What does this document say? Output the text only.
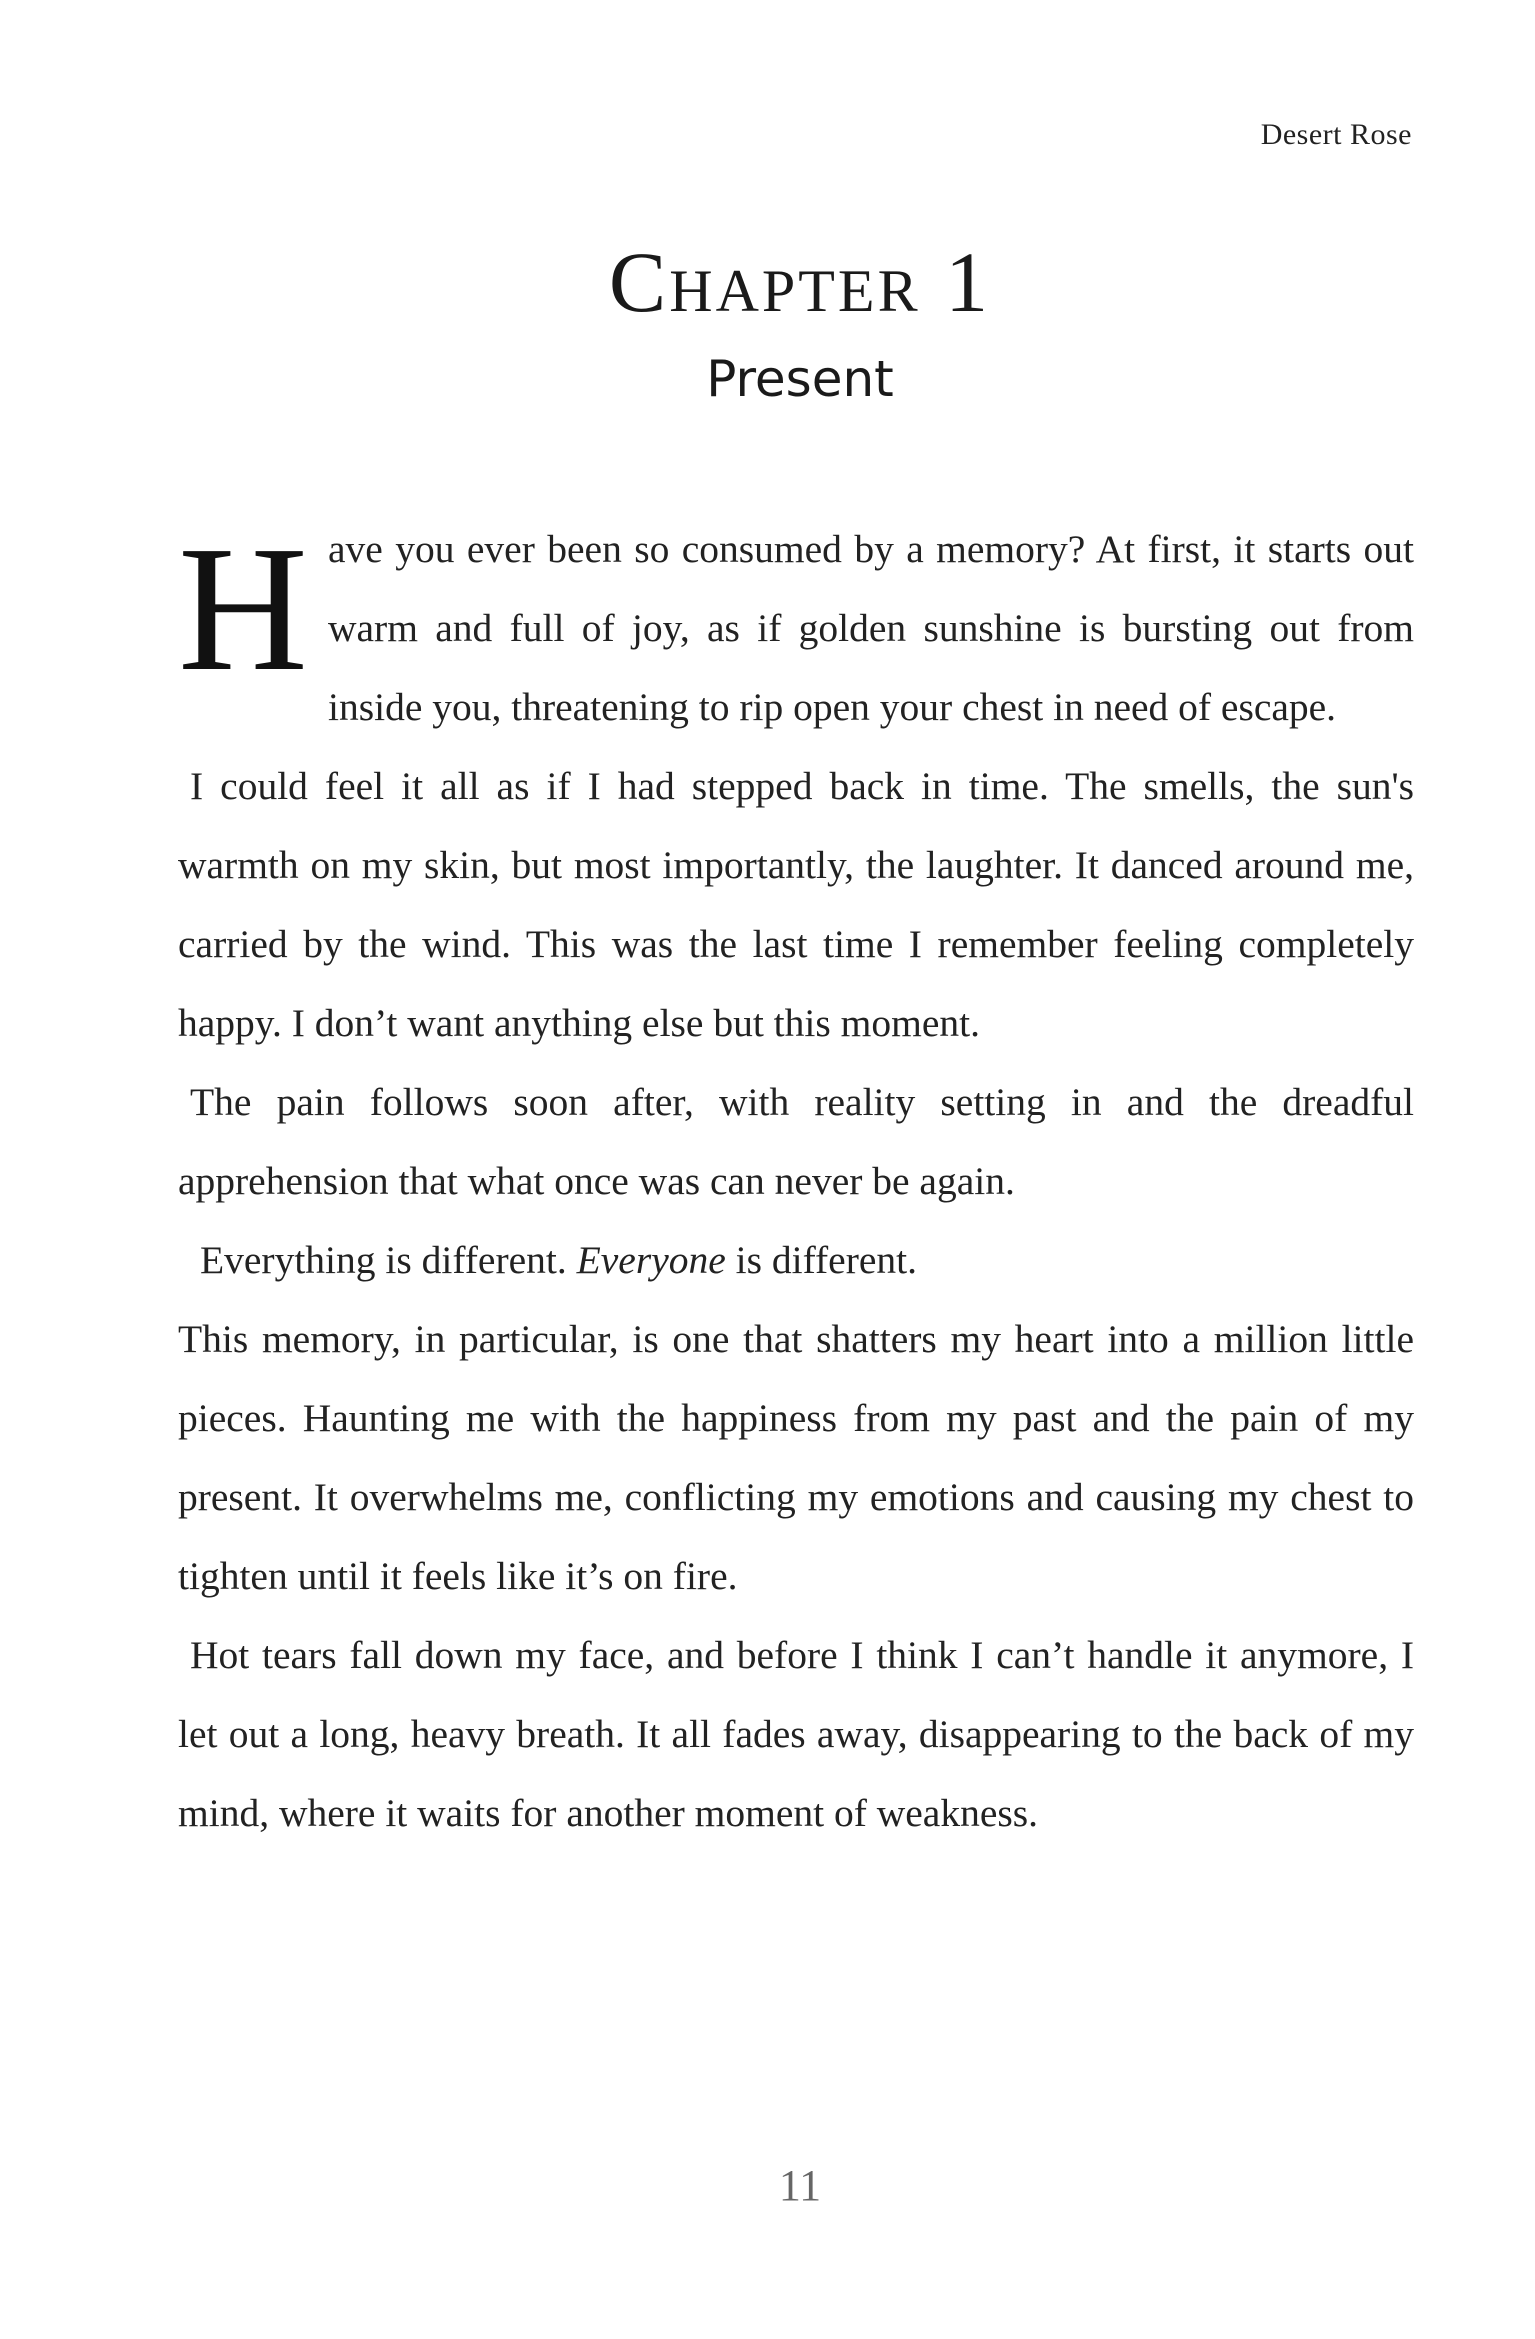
Desert Rose
Chapter 1
Present

Have you ever been so consumed by a memory? At first, it starts out warm and full of joy, as if golden sunshine is bursting out from inside you, threatening to rip open your chest in need of escape.

I could feel it all as if I had stepped back in time. The smells, the sun's warmth on my skin, but most importantly, the laughter. It danced around me, carried by the wind. This was the last time I remember feeling completely happy. I don’t want anything else but this moment.

The pain follows soon after, with reality setting in and the dreadful apprehension that what once was can never be again.

Everything is different. Everyone is different.

This memory, in particular, is one that shatters my heart into a million little pieces. Haunting me with the happiness from my past and the pain of my present. It overwhelms me, conflicting my emotions and causing my chest to tighten until it feels like it’s on fire.

Hot tears fall down my face, and before I think I can’t handle it anymore, I let out a long, heavy breath. It all fades away, disappearing to the back of my mind, where it waits for another moment of weakness.

11
